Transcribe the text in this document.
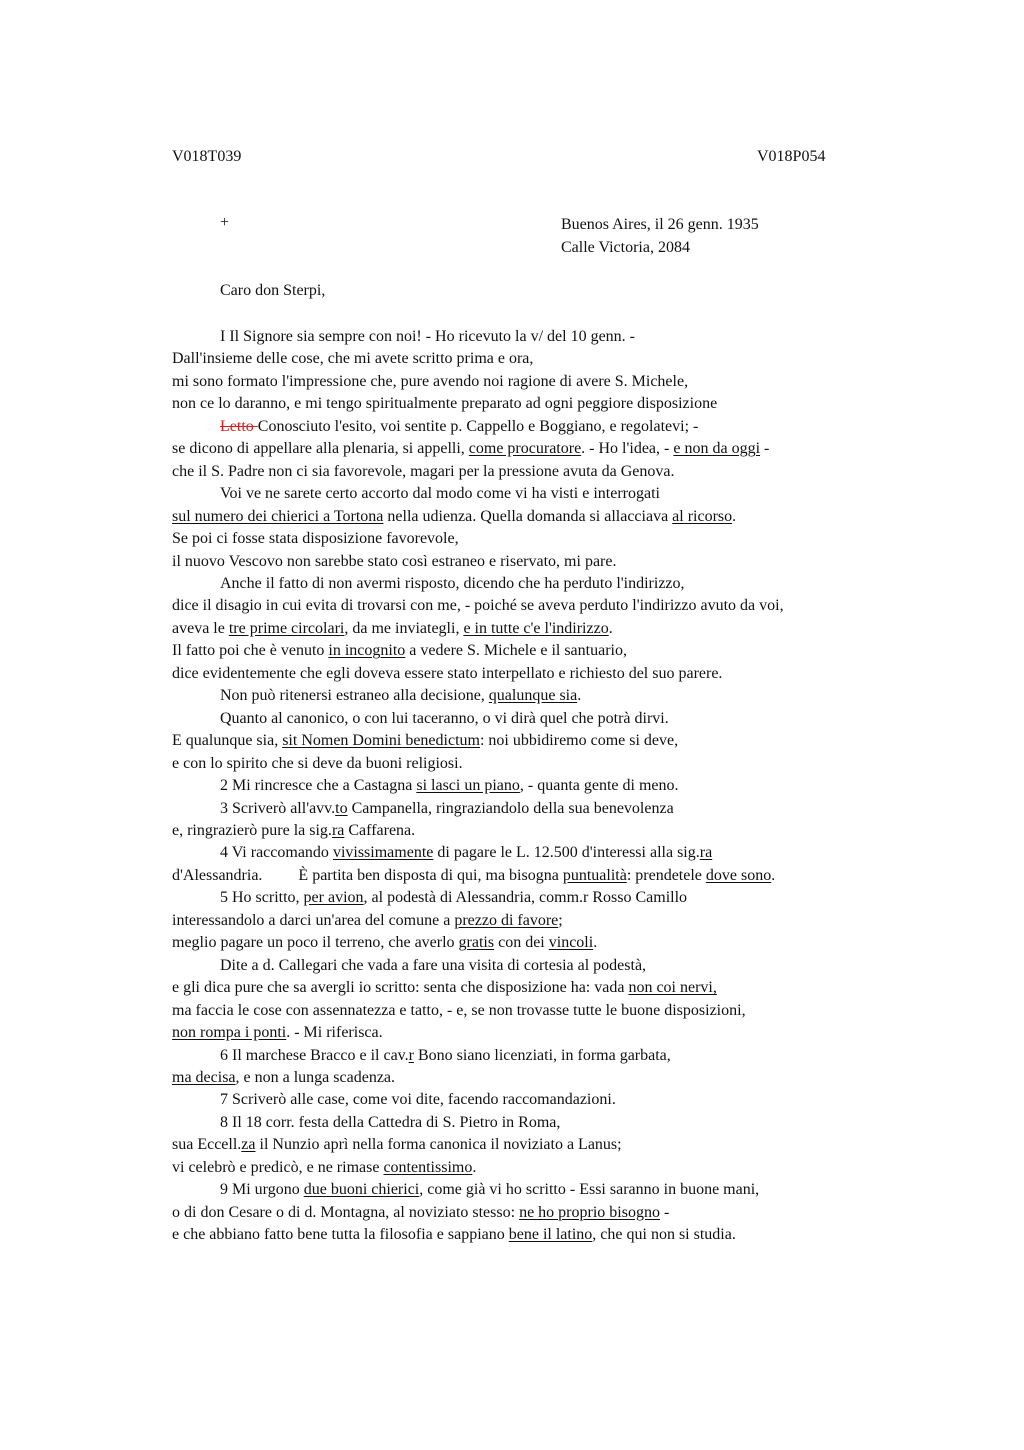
V018T039	V018P054
+	Buenos Aires, il 26 genn. 1935
Calle Victoria, 2084
Caro don Sterpi,
I Il Signore sia sempre con noi! - Ho ricevuto la v/ del 10 genn. -
Dall'insieme delle cose, che mi avete scritto prima e ora,
mi sono formato l'impressione che, pure avendo noi ragione di avere S. Michele,
non ce lo daranno, e mi tengo spiritualmente preparato ad ogni peggiore disposizione
Letto Conosciuto l'esito, voi sentite p. Cappello e Boggiano, e regolatevi; -
se dicono di appellare alla plenaria, si appelli, come procuratore. - Ho l'idea, - e non da oggi -
che il S. Padre non ci sia favorevole, magari per la pressione avuta da Genova.
Voi ve ne sarete certo accorto dal modo come vi ha visti e interrogati
sul numero dei chierici a Tortona nella udienza. Quella domanda si allacciava al ricorso.
Se poi ci fosse stata disposizione favorevole,
il nuovo Vescovo non sarebbe stato così estraneo e riservato, mi pare.
Anche il fatto di non avermi risposto, dicendo che ha perduto l'indirizzo,
dice il disagio in cui evita di trovarsi con me, - poiché se aveva perduto l'indirizzo avuto da voi,
aveva le tre prime circolari, da me inviategli, e in tutte c'e l'indirizzo.
Il fatto poi che è venuto in incognito a vedere S. Michele e il santuario,
dice evidentemente che egli doveva essere stato interpellato e richiesto del suo parere.
Non può ritenersi estraneo alla decisione, qualunque sia.
Quanto al canonico, o con lui taceranno, o vi dirà quel che potrà dirvi.
E qualunque sia, sit Nomen Domini benedictum: noi ubbidiremo come si deve,
e con lo spirito che si deve da buoni religiosi.
2 Mi rincresce che a Castagna si lasci un piano, - quanta gente di meno.
3 Scriverò all'avv.to Campanella, ringraziandolo della sua benevolenza
e, ringrazierò pure la sig.ra Caffarena.
4 Vi raccomando vivissimamente di pagare le L. 12.500 d'interessi alla sig.ra
d'Alessandria. È partita ben disposta di qui, ma bisogna puntualità: prendetele dove sono.
5 Ho scritto, per avion, al podestà di Alessandria, comm.r Rosso Camillo
interessandolo a darci un'area del comune a prezzo di favore;
meglio pagare un poco il terreno, che averlo gratis con dei vincoli.
Dite a d. Callegari che vada a fare una visita di cortesia al podestà,
e gli dica pure che sa avergli io scritto: senta che disposizione ha: vada non coi nervi,
ma faccia le cose con assennatezza e tatto, - e, se non trovasse tutte le buone disposizioni,
non rompa i ponti. - Mi riferisca.
6 Il marchese Bracco e il cav.r Bono siano licenziati, in forma garbata,
ma decisa, e non a lunga scadenza.
7 Scriverò alle case, come voi dite, facendo raccomandazioni.
8 Il 18 corr. festa della Cattedra di S. Pietro in Roma,
sua Eccell.za il Nunzio aprì nella forma canonica il noviziato a Lanus;
vi celebrò e predicò, e ne rimase contentissimo.
9 Mi urgono due buoni chierici, come già vi ho scritto - Essi saranno in buone mani,
o di don Cesare o di d. Montagna, al noviziato stesso: ne ho proprio bisogno -
e che abbiano fatto bene tutta la filosofia e sappiano bene il latino, che qui non si studia.
